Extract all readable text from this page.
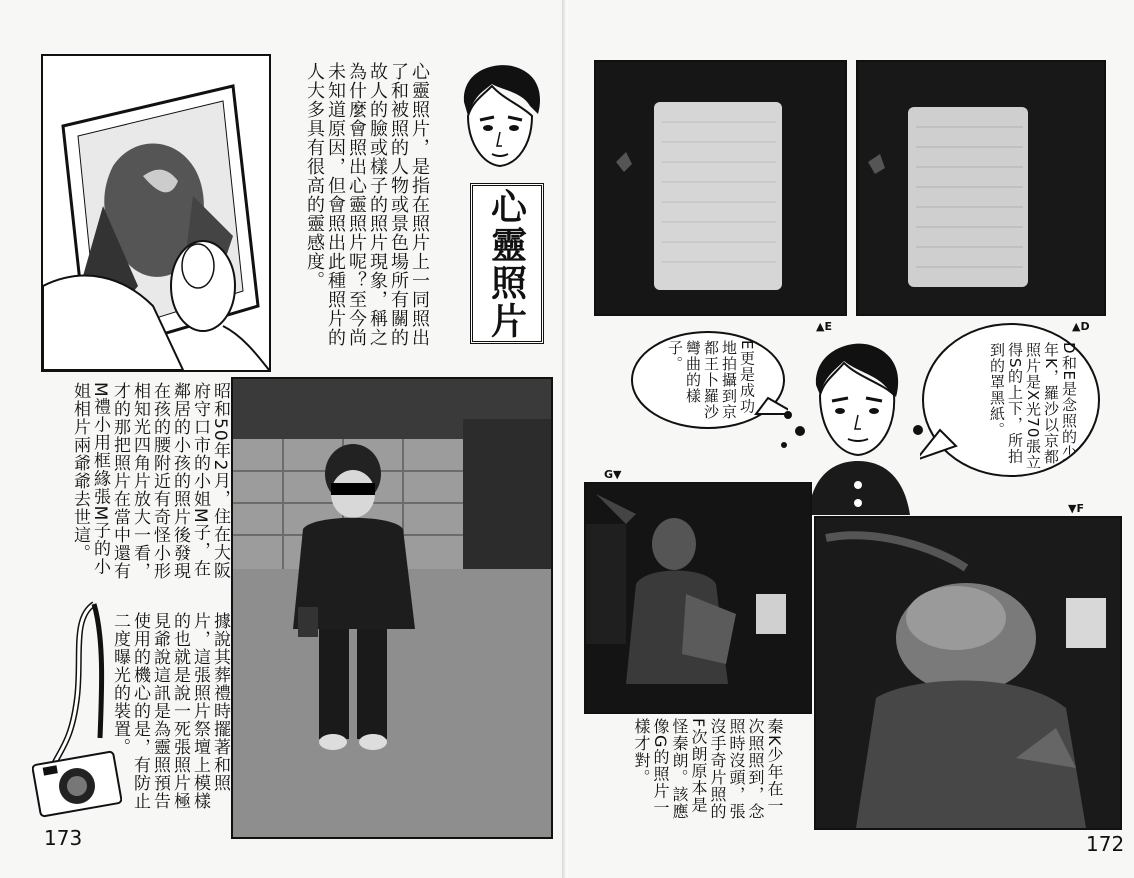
心靈照片，是指在照片上一同照出了和被照的人物或景色場所有關的故人的臉或樣子的照片現象，稱之為什麼會照出心靈照片呢？至今尚未知道原因，但會照出此種照片的人大多具有很高的靈感度。	心靈照片
昭和50年2月，住在大阪府守口市的小姐M子，在鄰居的小孩的照片後發現在孩的腰附近有奇怪小形相知光四角片放大一看，才的那把照片在當中還有M禮小用框緣張M子的小姐相片兩爺爺去世這。
據說其葬禮時擺著和照片，這張照片祭壇上模樣的也就是說一死張照片極見爺說這訊是為靈照預告使用的機心的是，有防止二度曝光的裝置。
173
▲E	▲D
E更是成功地拍攝到京都王卜羅沙彎曲的樣子。	D和E是念照的少年K，羅沙以京都照片是X光70張立得S的上下，所拍到的罩黑紙。
G▼
▼F
秦K少年在一次照照到，念照時沒頭，張沒手奇片照的F次朗原本是怪秦朗。該應像G的照片一樣才對。
172
